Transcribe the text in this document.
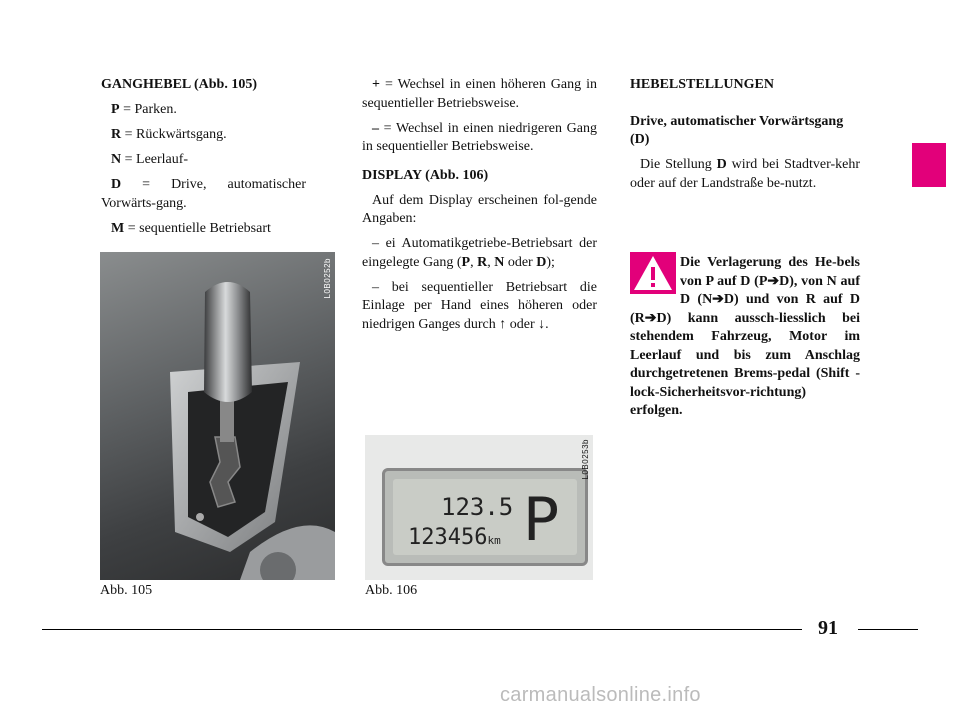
GANGHEBEL (Abb. 105)

P = Parken.

R = Rückwärtsgang.

N = Leerlauf-

D = Drive, automatischer Vorwärts-gang.

M = sequentielle Betriebsart

L0B0252b
Abb. 105

+ = Wechsel in einen höheren Gang in sequentieller Betriebsweise.

– = Wechsel in einen niedrigeren Gang in sequentieller Betriebsweise.

DISPLAY (Abb. 106)

Auf dem Display erscheinen fol-gende Angaben:

– ei Automatikgetriebe-Betriebsart der eingelegte Gang (P, R, N oder D);

– bei sequentieller Betriebsart die Einlage per Hand eines höheren oder niedrigen Ganges durch ↑ oder ↓.

123.5
123456km P
L0B0253b
Abb. 106

HEBELSTELLUNGEN

Drive, automatischer Vorwärtsgang (D)

Die Stellung D wird bei Stadtver-kehr oder auf der Landstraße be-nutzt.

Die Verlagerung des He-bels von P auf D (P➔D), von N auf D (N➔D) und von R auf D (R➔D) kann aussch-liesslich bei stehendem Fahrzeug, Motor im Leerlauf und bis zum Anschlag durchgetretenen Brems-pedal (Shift - lock-Sicherheitsvor-richtung) erfolgen.
91
carmanualsonline.info
